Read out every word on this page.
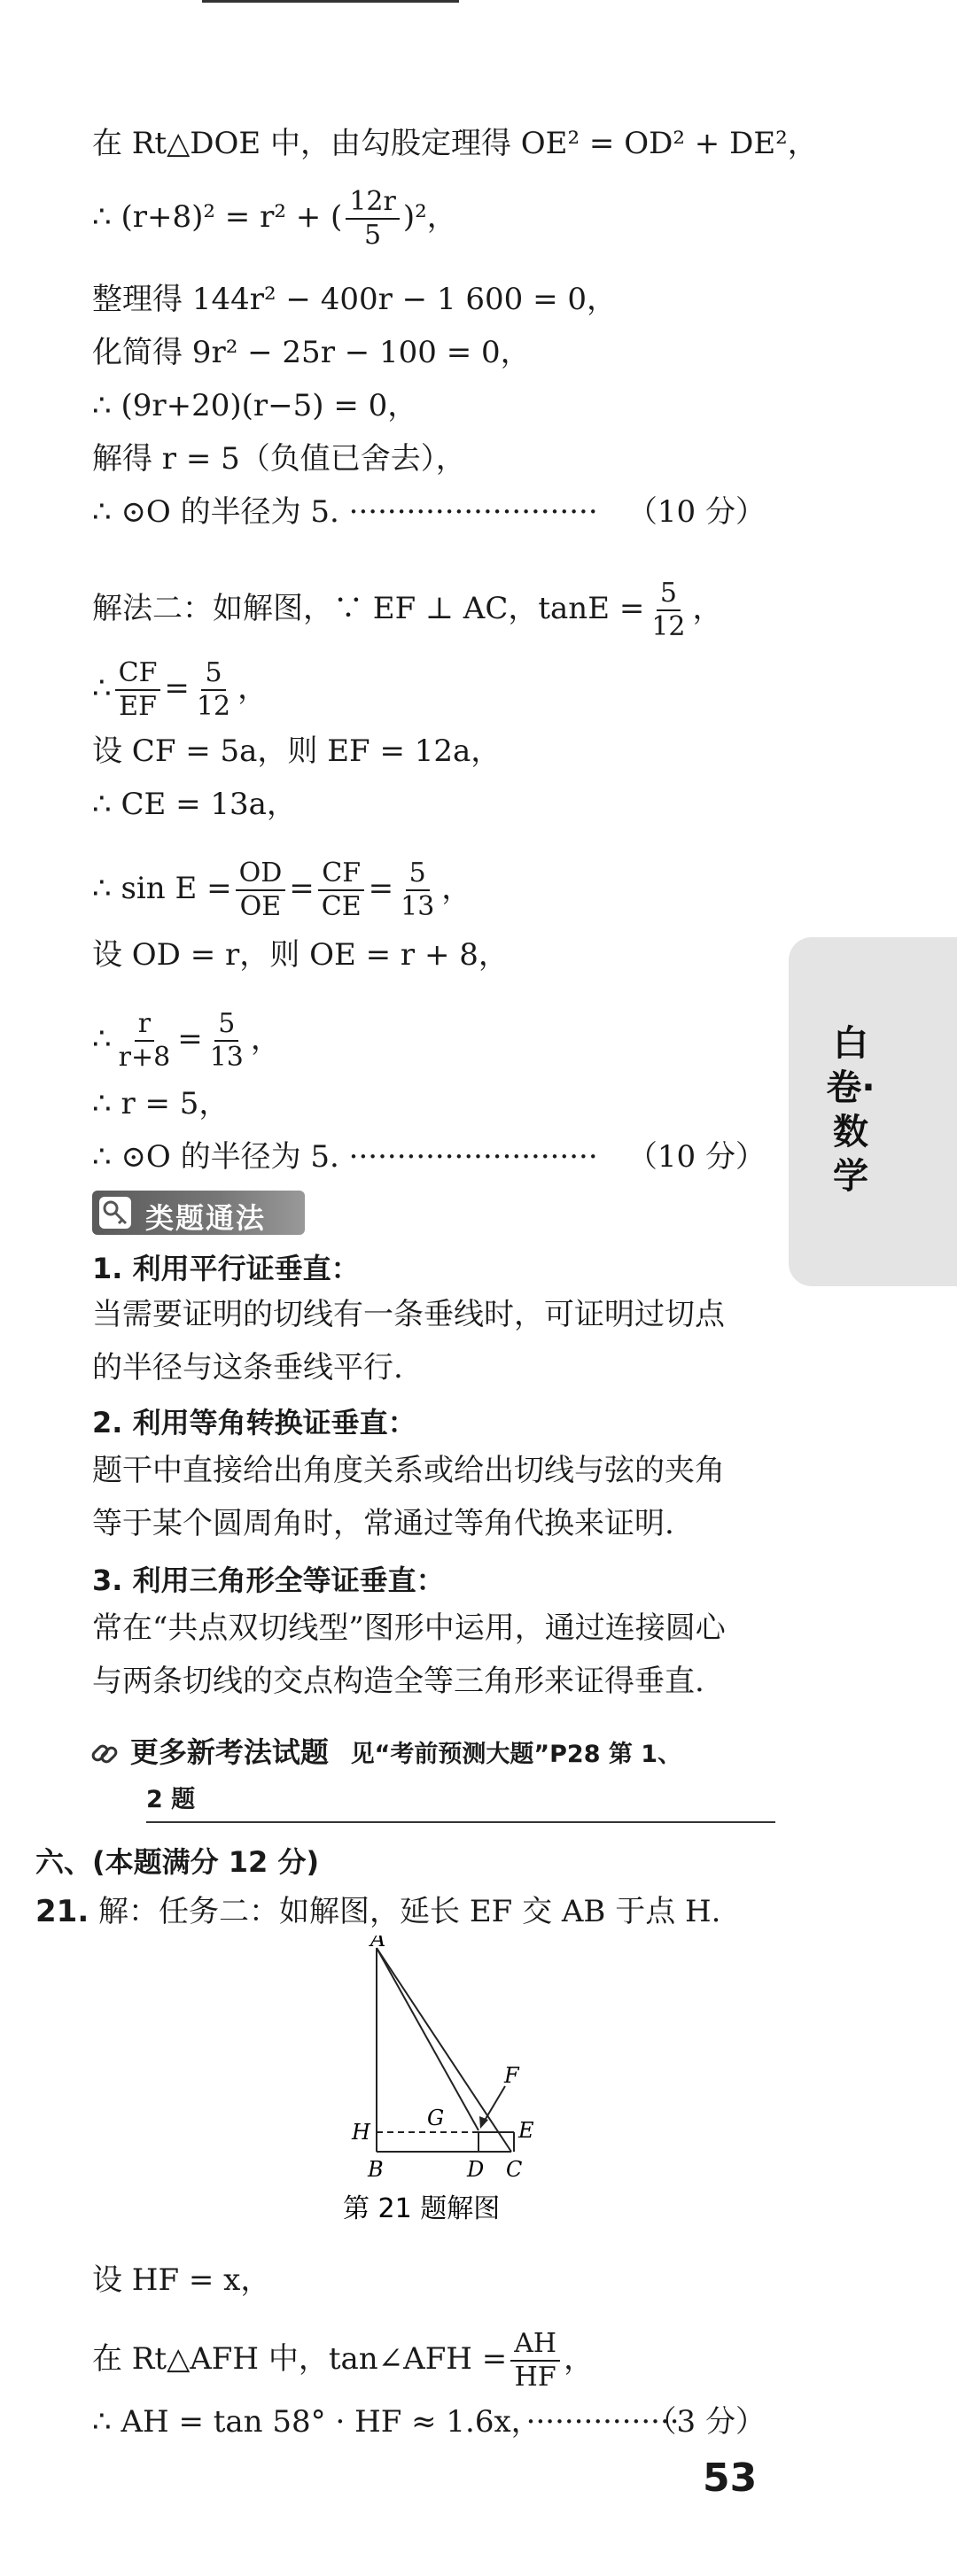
在 Rt△DOE 中，由勾股定理得 OE² = OD² + DE²，
∴ (r+8)² = r² + ( $\frac{12r}{5} )^2$，
整理得 144r² − 400r − 1 600 = 0，
化简得 9r² − 25r − 100 = 0，
∴ (9r+20)(r−5) = 0，
解得 r = 5（负值已舍去），
∴ ⊙O 的半径为 5. ·························· （10 分）
解法二：如解图，∵ EF ⊥ AC，$\tan E = \frac{5}{12}$ ，
∴ $\frac{CF}{EF} = \frac{5}{12}$ ，
设 CF = 5a，则 EF = 12a，
∴ CE = 13a，
∴ $\sin E = \frac{OD}{OE} = \frac{CF}{CE} = \frac{5}{13}$ ，
设 OD = r，则 OE = r + 8，
∴ $\frac{r}{r+8} = \frac{5}{13}$ ，
∴ r = 5，
∴ ⊙O 的半径为 5. ·························· （10 分）
类题通法
1. 利用平行证垂直：
当需要证明的切线有一条垂线时，可证明过切点
的半径与这条垂线平行.
2. 利用等角转换证垂直：
题干中直接给出角度关系或给出切线与弦的夹角
等于某个圆周角时，常通过等角代换来证明.
3. 利用三角形全等证垂直：
常在“共点双切线型”图形中运用，通过连接圆心
与两条切线的交点构造全等三角形来证得垂直.
白卷·数学
更多新考法试题 见“考前预测大题”P28 第 1、
2 题
六、(本题满分 12 分)
21. 解：任务二：如解图，延长 EF 交 AB 于点 H.
A
F
G
H	E
B	D C
第 21 题解图
设 HF = x，
在 Rt△AFH 中，tan∠AFH = $\frac{AH}{HF}$ ，
∴ AH = tan 58° · HF ≈ 1.6x，················
（3 分）
53
